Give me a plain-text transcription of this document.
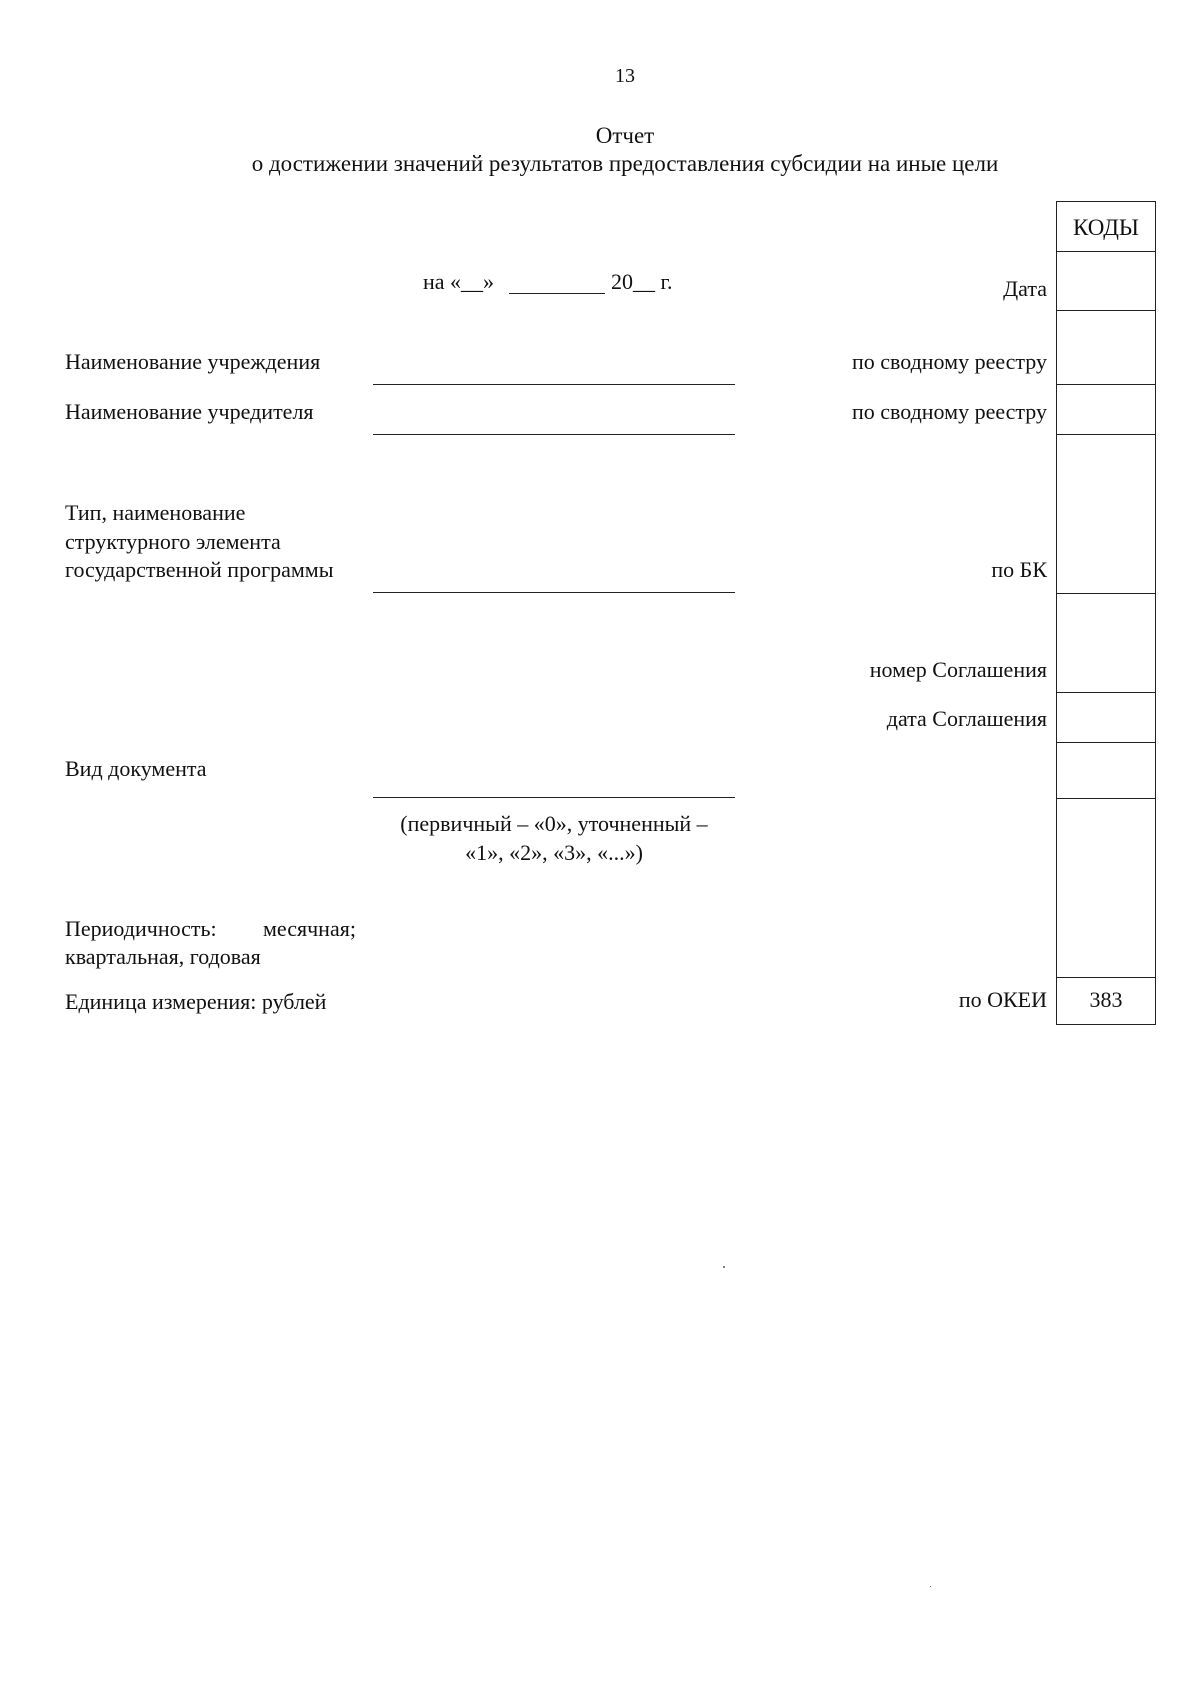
13
Отчет
о достижении значений результатов предоставления субсидии на иные цели
КОДЫ
383
на «__»	20__ г.	Дата
по сводному реестру
по сводному реестру
по БК
номер Соглашения
дата Соглашения
по ОКЕИ
Наименование учреждения
Наименование учредителя
Тип, наименование
структурного элемента
государственной программы
Вид документа
(первичный – «0», уточненный –
«1», «2», «3», «...»)
Периодичность: месячная;
квартальная, годовая
Единица измерения: рублей
